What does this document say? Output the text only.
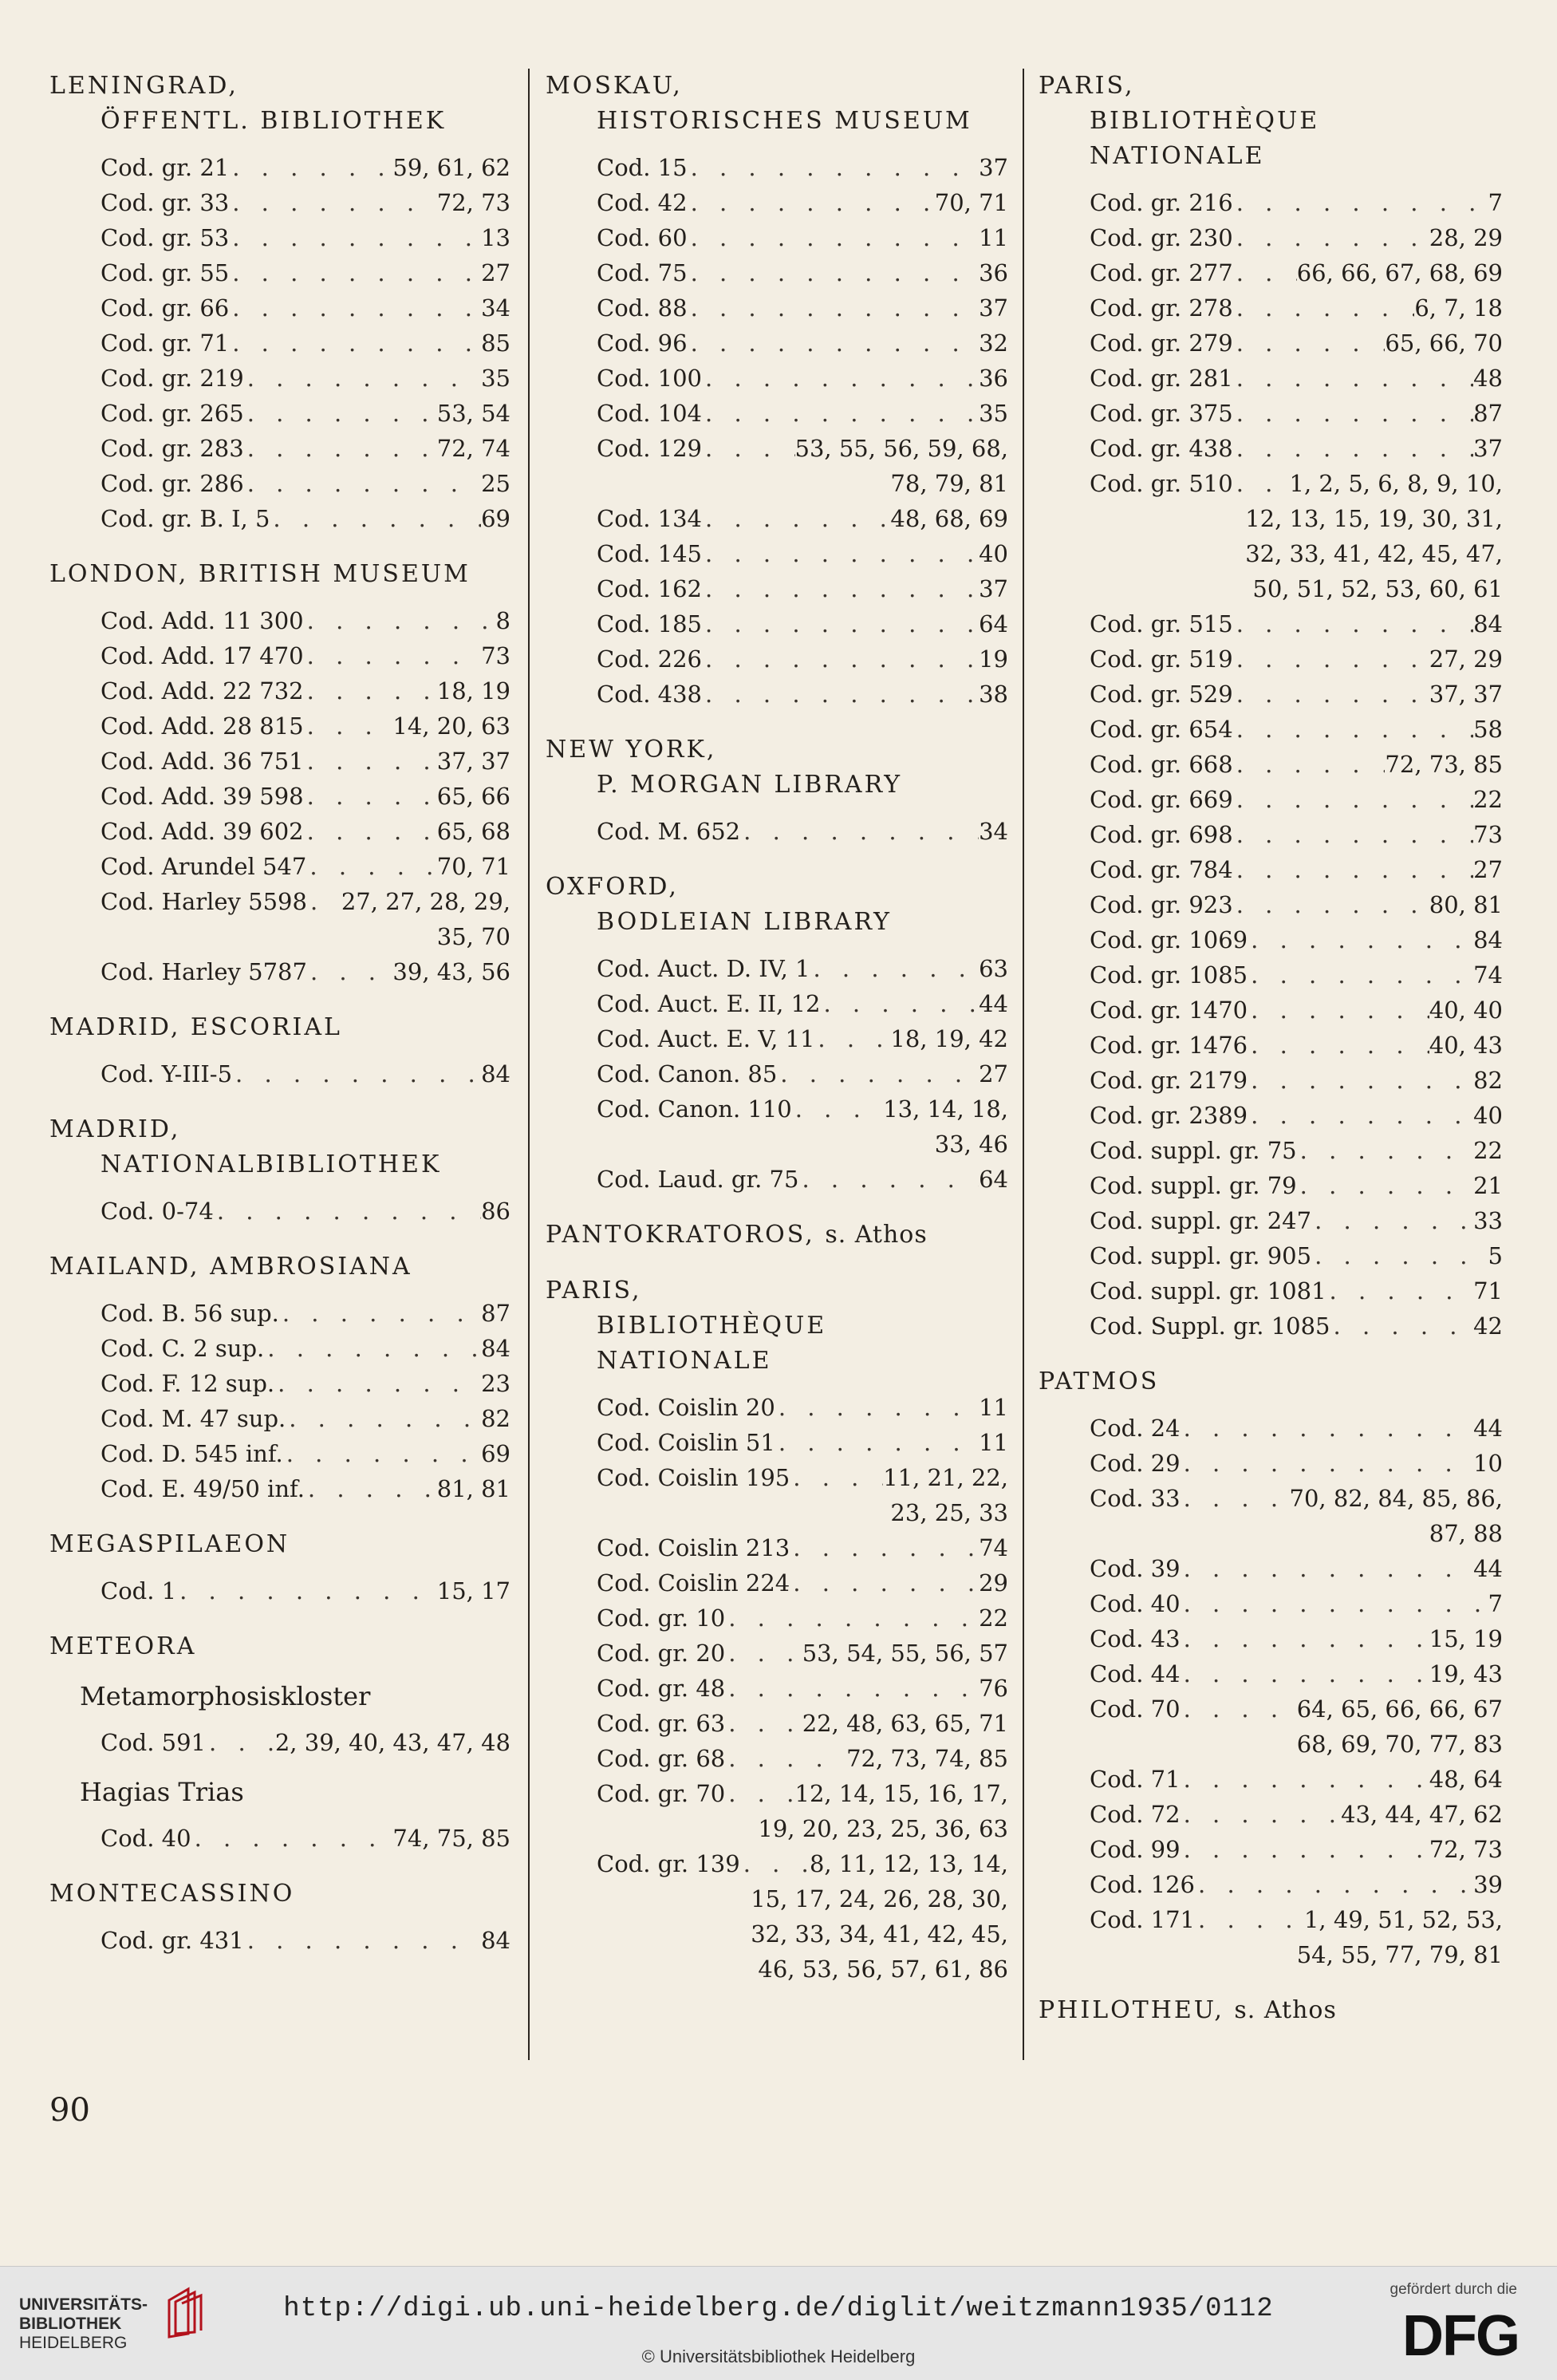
LENINGRAD,
ÖFFENTL. BIBLIOTHEK
Cod. gr. 21 . . .	59, 61, 62
Cod. gr. 33 . . .	72, 73
Cod. gr. 53 . . .	13
Cod. gr. 55 . . .	27
Cod. gr. 66 . . .	34
Cod. gr. 71 . . .	85
Cod. gr. 219 . . .	35
Cod. gr. 265 . . .	53, 54
Cod. gr. 283 . . .	72, 74
Cod. gr. 286 . . .	25
Cod. gr. B. I, 5 . . .	69
LONDON, BRITISH MUSEUM
Cod. Add. 11 300 . . .	8
Cod. Add. 17 470 . . .	73
Cod. Add. 22 732 . . .	18, 19
Cod. Add. 28 815 . . .	14, 20, 63
Cod. Add. 36 751 . . .	37, 37
Cod. Add. 39 598 . . .	65, 66
Cod. Add. 39 602 . . .	65, 68
Cod. Arundel 547 . . .	70, 71
Cod. Harley 5598 . . . 27, 27, 28, 29,
35, 70
Cod. Harley 5787 . . .	39, 43, 56
MADRID, ESCORIAL
Cod. Y-III-5 . . .	84
MADRID,
NATIONALBIBLIOTHEK
Cod. 0-74 . . .	86
MAILAND, AMBROSIANA
Cod. B. 56 sup. . . .	87
Cod. C. 2 sup. . . .	84
Cod. F. 12 sup. . . .	23
Cod. M. 47 sup. . . .	82
Cod. D. 545 inf. . . .	69
Cod. E. 49/50 inf. . . .	81, 81
MEGASPILAEON
Cod. 1 . . .	15, 17
METEORA
Metamorphosiskloster
Cod. 591 . . .	2, 39, 40, 43, 47, 48
Hagias Trias
Cod. 40 . . .	74, 75, 85
MONTECASSINO
Cod. gr. 431 . . .	84
MOSKAU,
HISTORISCHES MUSEUM
Cod. 15 . . .	37
Cod. 42 . . .	70, 71
Cod. 60 . . .	11
Cod. 75 . . .	36
Cod. 88 . . .	37
Cod. 96 . . .	32
Cod. 100 . . .	36
Cod. 104 . . .	35
Cod. 129 . . .	53, 55, 56, 59, 68,
78, 79, 81
Cod. 134 . . .	48, 68, 69
Cod. 145 . . .	40
Cod. 162 . . .	37
Cod. 185 . . .	64
Cod. 226 . . .	19
Cod. 438 . . .	38
NEW YORK,
P. MORGAN LIBRARY
Cod. M. 652 . . .	34
OXFORD,
BODLEIAN LIBRARY
Cod. Auct. D. IV, 1 . . .	63
Cod. Auct. E. II, 12 . . .	44
Cod. Auct. E. V, 11 . . .	18, 19, 42
Cod. Canon. 85 . . .	27
Cod. Canon. 110 . . .	13, 14, 18,
33, 46
Cod. Laud. gr. 75 . . .	64
PANTOKRATOROS, s. Athos
PARIS,
BIBLIOTHÈQUE NATIONALE
Cod. Coislin 20 . . .	11
Cod. Coislin 51 . . .	11
Cod. Coislin 195 . . .	11, 21, 22,
23, 25, 33
Cod. Coislin 213 . . .	74
Cod. Coislin 224 . . .	29
Cod. gr. 10 . . .	22
Cod. gr. 20 . . .	53, 54, 55, 56, 57
Cod. gr. 48 . . .	76
Cod. gr. 63 . . .	22, 48, 63, 65, 71
Cod. gr. 68 . . .	72, 73, 74, 85
Cod. gr. 70 . . .	12, 14, 15, 16, 17,
19, 20, 23, 25, 36, 63
Cod. gr. 139 . . .	8, 11, 12, 13, 14,
15, 17, 24, 26, 28, 30,
32, 33, 34, 41, 42, 45,
46, 53, 56, 57, 61, 86
PARIS,
BIBLIOTHÈQUE NATIONALE
Cod. gr. 216 . . .	7
Cod. gr. 230 . . .	28, 29
Cod. gr. 277 . . .	66, 66, 67, 68, 69
Cod. gr. 278 . . .	6, 7, 18
Cod. gr. 279 . . .	65, 66, 70
Cod. gr. 281 . . .	48
Cod. gr. 375 . . .	87
Cod. gr. 438 . . .	37
Cod. gr. 510 . . . 1, 2, 5, 6, 8, 9, 10,
12, 13, 15, 19, 30, 31,
32, 33, 41, 42, 45, 47,
50, 51, 52, 53, 60, 61
Cod. gr. 515 . . .	84
Cod. gr. 519 . . .	27, 29
Cod. gr. 529 . . .	37, 37
Cod. gr. 654 . . .	58
Cod. gr. 668 . . .	72, 73, 85
Cod. gr. 669 . . .	22
Cod. gr. 698 . . .	73
Cod. gr. 784 . . .	27
Cod. gr. 923 . . .	80, 81
Cod. gr. 1069 . . .	84
Cod. gr. 1085 . . .	74
Cod. gr. 1470 . . .	40, 40
Cod. gr. 1476 . . .	40, 43
Cod. gr. 2179 . . .	82
Cod. gr. 2389 . . .	40
Cod. suppl. gr. 75 . . .	22
Cod. suppl. gr. 79 . . .	21
Cod. suppl. gr. 247 . . .	33
Cod. suppl. gr. 905 . . .	5
Cod. suppl. gr. 1081 . . .	71
Cod. Suppl. gr. 1085 . . .	42
PATMOS
Cod. 24 . . .	44
Cod. 29 . . .	10
Cod. 33 . . .	70, 82, 84, 85, 86,
87, 88
Cod. 39 . . .	44
Cod. 40 . . .	7
Cod. 43 . . .	15, 19
Cod. 44 . . .	19, 43
Cod. 70 . . .	64, 65, 66, 66, 67
68, 69, 70, 77, 83
Cod. 71 . . .	48, 64
Cod. 72 . . .	43, 44, 47, 62
Cod. 99 . . .	72, 73
Cod. 126 . . .	39
Cod. 171 . . .	1, 49, 51, 52, 53,
54, 55, 77, 79, 81
PHILOTHEU, s. Athos
90
UNIVERSITÄTS-
BIBLIOTHEK
HEIDELBERG
http://digi.ub.uni-heidelberg.de/diglit/weitzmann1935/0112
© Universitätsbibliothek Heidelberg
gefördert durch die
DFG
